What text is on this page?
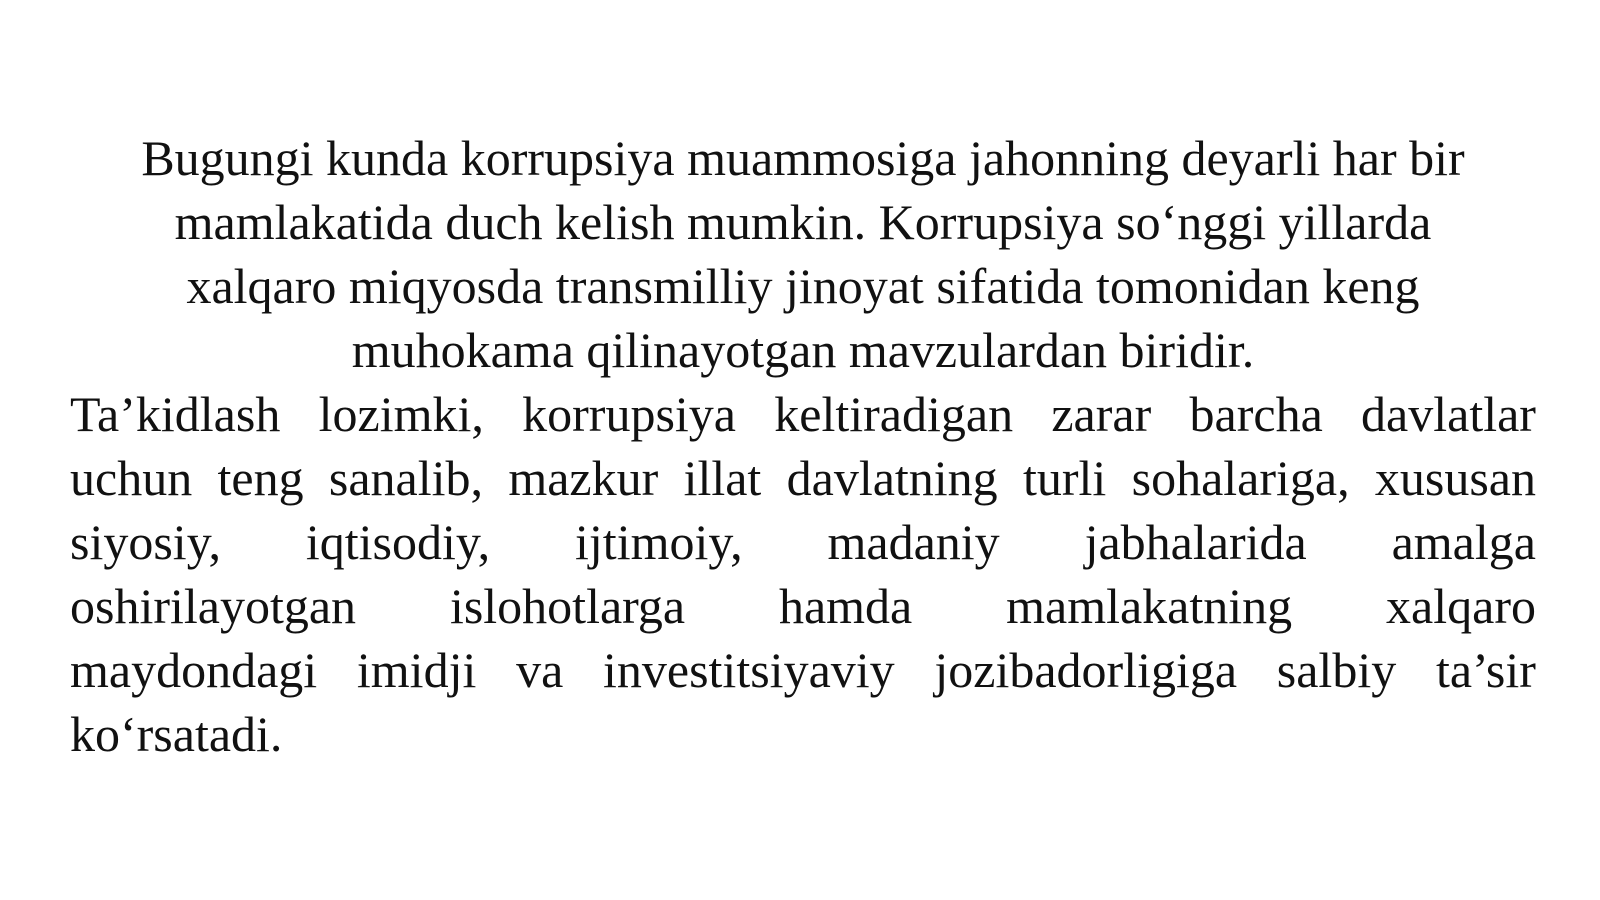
Bugungi kunda korrupsiya muammosiga jahonning deyarli har bir
mamlakatida duch kelish mumkin. Korrupsiya so‘nggi yillarda
xalqaro miqyosda transmilliy jinoyat sifatida tomonidan keng
muhokama qilinayotgan mavzulardan biridir.
Ta’kidlash lozimki, korrupsiya keltiradigan zarar barcha davlatlar
uchun teng sanalib, mazkur illat davlatning turli sohalariga, xususan
siyosiy, iqtisodiy, ijtimoiy, madaniy jabhalarida amalga
oshirilayotgan islohotlarga hamda mamlakatning xalqaro
maydondagi imidji va investitsiyaviy jozibadorligiga salbiy ta’sir
ko‘rsatadi.
